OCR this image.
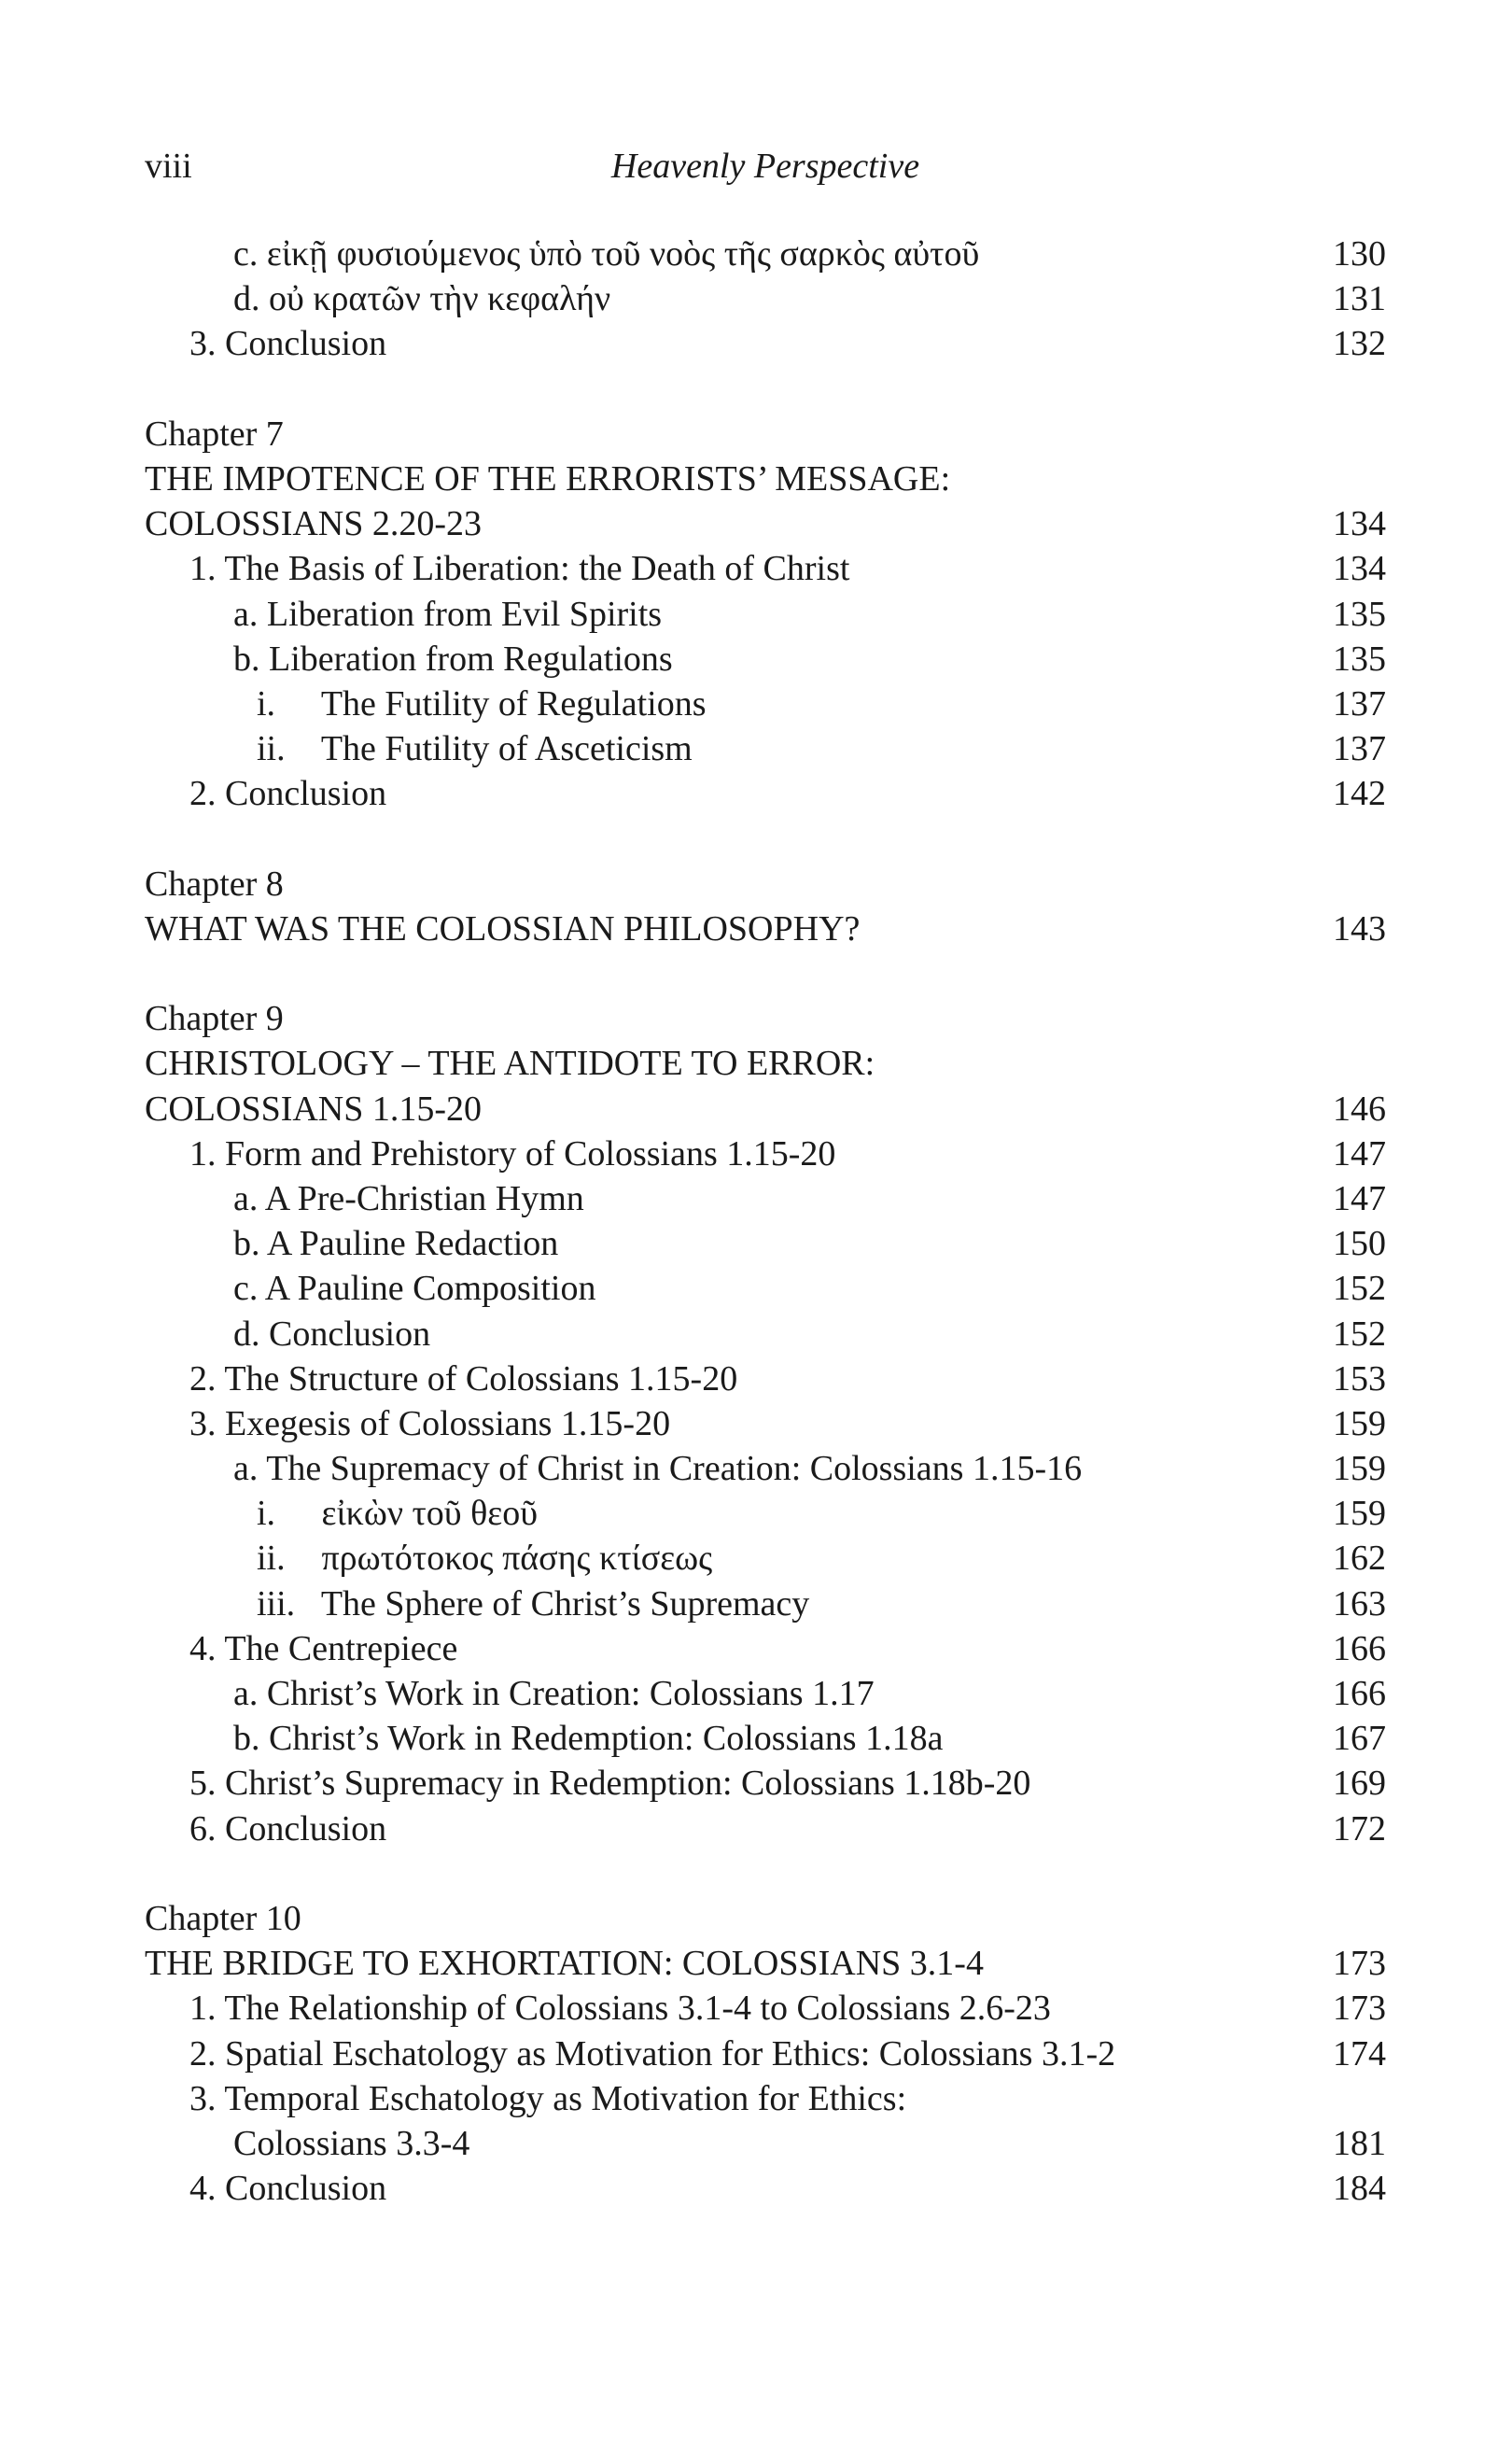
viii	Heavenly Perspective
c. εἰκῇ φυσιούμενος ὑπὸ τοῦ νοὸς τῆς σαρκὸς αὐτοῦ	130
d. οὐ κρατῶν τὴν κεφαλήν	131
3. Conclusion	132
Chapter 7
THE IMPOTENCE OF THE ERRORISTS’ MESSAGE:
COLOSSIANS 2.20-23	134
1. The Basis of Liberation: the Death of Christ	134
a. Liberation from Evil Spirits	135
b. Liberation from Regulations	135
i. The Futility of Regulations	137
ii. The Futility of Asceticism	137
2. Conclusion	142
Chapter 8
WHAT WAS THE COLOSSIAN PHILOSOPHY?	143
Chapter 9
CHRISTOLOGY – THE ANTIDOTE TO ERROR:
COLOSSIANS 1.15-20	146
1. Form and Prehistory of Colossians 1.15-20	147
a. A Pre-Christian Hymn	147
b. A Pauline Redaction	150
c. A Pauline Composition	152
d. Conclusion	152
2. The Structure of Colossians 1.15-20	153
3. Exegesis of Colossians 1.15-20	159
a. The Supremacy of Christ in Creation: Colossians 1.15-16	159
i. εἰκὼν τοῦ θεοῦ	159
ii. πρωτότοκος πάσης κτίσεως	162
iii. The Sphere of Christ’s Supremacy	163
4. The Centrepiece	166
a. Christ’s Work in Creation: Colossians 1.17	166
b. Christ’s Work in Redemption: Colossians 1.18a	167
5. Christ’s Supremacy in Redemption: Colossians 1.18b-20	169
6. Conclusion	172
Chapter 10
THE BRIDGE TO EXHORTATION: COLOSSIANS 3.1-4	173
1. The Relationship of Colossians 3.1-4 to Colossians 2.6-23	173
2. Spatial Eschatology as Motivation for Ethics: Colossians 3.1-2	174
3. Temporal Eschatology as Motivation for Ethics:
Colossians 3.3-4	181
4. Conclusion	184
